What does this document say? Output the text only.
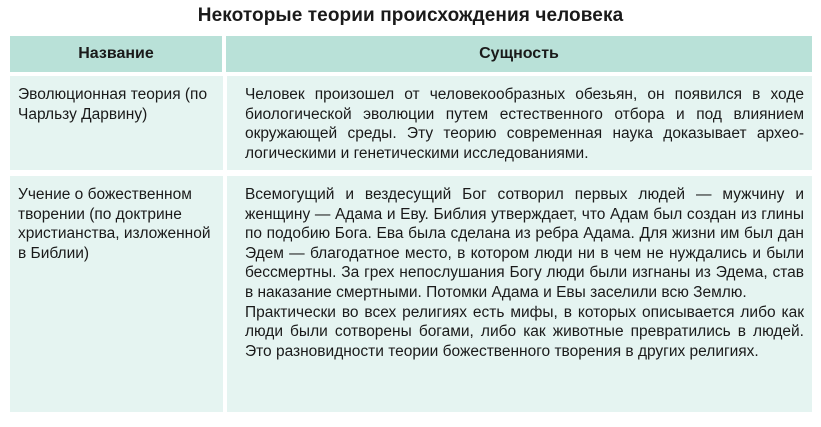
Некоторые теории происхождения человека
Название	Сущность
Эволюционная теория (по Чарльзу Дарвину)

Человек произошел от человекообразных обезьян, он появился в ходе биологической эволюции путем естественного отбора и под влиянием окружающей среды. Эту теорию современная наука доказывает археологическими и генетическими исследованиями.

Учение о божественном творении (по доктрине христианства, изложенной в Библии)

Всемогущий и вездесущий Бог сотворил первых людей — мужчину и женщину — Адама и Еву. Библия утверждает, что Адам был создан из глины по подобию Бога. Ева была сделана из ребра Адама. Для жизни им был дан Эдем — благодатное место, в котором люди ни в чем не нуждались и были бессмертны. За грех непослушания Богу люди были изгнаны из Эдема, став в наказание смертными. Потомки Адама и Евы заселили всю Землю.

Практически во всех религиях есть мифы, в которых описывается либо как люди были сотворены богами, либо как животные превратились в людей. Это разновидности теории божественного творения в других религиях.
